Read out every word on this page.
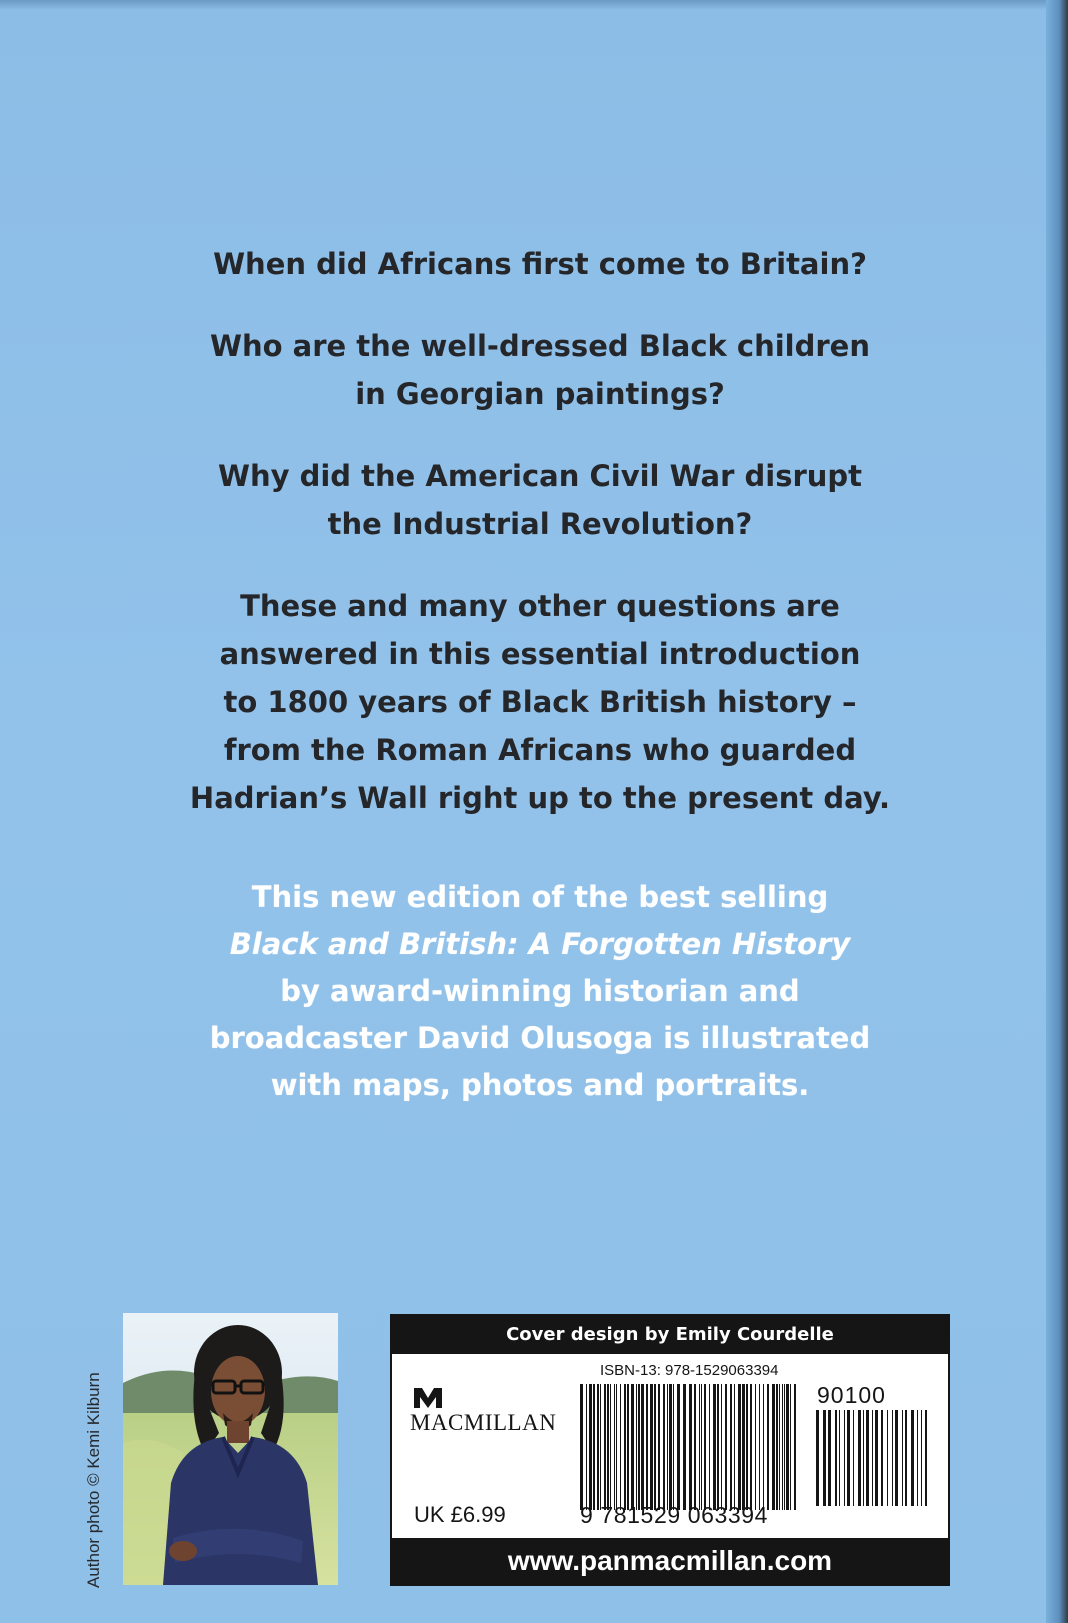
When did Africans first come to Britain?

Who are the well-dressed Black children

in Georgian paintings?

Why did the American Civil War disrupt

the Industrial Revolution?

These and many other questions are

answered in this essential introduction

to 1800 years of Black British history –

from the Roman Africans who guarded

Hadrian’s Wall right up to the present day.

This new edition of the best selling

Black and British: A Forgotten History

by award-winning historian and

broadcaster David Olusoga is illustrated

with maps, photos and portraits.

Author photo © Kemi Kilburn
Cover design by Emily Courdelle
MACMILLAN
UK £6.99
ISBN-13: 978-1529063394
9 781529 063394
90100
www.panmacmillan.com
